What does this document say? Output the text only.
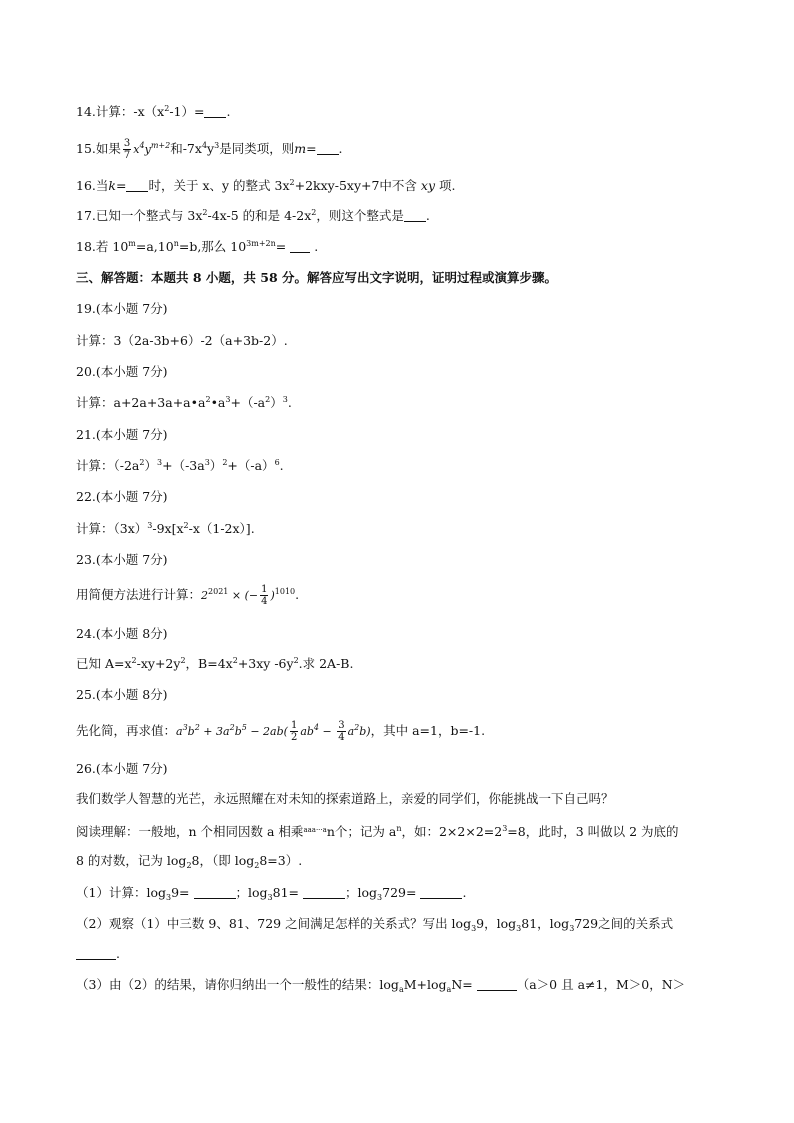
14.计算：$-x(x^2-1)=$ .
15.如果 $\frac{3}{7} x^4y^{m+2}$和$-7x^4y^3$是同类项，则m= .
16.当k= 时，关于 x、y 的整式 $3x^2+2kxy-5xy+7$中不含 xy 项.
17.已知一个整式与 $3x^2-4x-5$ 的和是 $4-2x^2$，则这个整式是 .
18.若 $10^m=a,10^n=b$,那么 $10^{3m+2n}=$ .
三、解答题：本题共 8 小题，共 58 分。解答应写出文字说明，证明过程或演算步骤。
19.(本小题 7分)
计算：3（2a-3b+6）-2（a+3b-2）.
20.(本小题 7分)
计算：$a+2a+3a+a•a^2•a^3+(-a^2)^3$.
21.(本小题 7分)
计算：$(-2a^2)^3+(-3a^3)^2+(-a)^6$.
22.(本小题 7分)
计算：$(3x)^3-9x[x^2-x(1-2x)]$.
23.(本小题 7分)
用简便方法进行计算：$2^{2021}$ × (− $\frac{1}{4} )^{1010}$.
24.(本小题 8分)
已知 $A=x^2-xy+2y^2$，$B=4x^2+3xy$ $-6y^2$.求 2A-B.
25.(本小题 8分)
先化简，再求值：$a^3b^2 + 3a^2b^5 - 2ab( \frac{1}{2} ab^4 - \frac{3}{4} a^2b)$，其中 a=1，b=-1.
26.(本小题 7分)
我们数学人智慧的光芒，永远照耀在对未知的探索道路上，亲爱的同学们，你能挑战一下自己吗？
阅读理解：一般地，n 个相同因数 a 相乘$^{aaa\cdot\cdot\cdot a}$n个；记为 $a^n$，如：$2\times 2\times 2=2^3=8$，此时，3 叫做以 2 为底的
8 的对数，记为 $\log_28$，（即 $\log_28=3$）.
（1）计算：$\log_39=$	；$\log_381=$	；$\log_3729=$	.
（2）观察（1）中三数 9、81、729 之间满足怎样的关系式？写出 $\log_39$，$\log_381$，$\log_3729$之间的关系式
.
（3）由（2）的结果，请你归纳出一个一般性的结果：$\log_aM+\log_aN=$	（a＞0 且 a≠1，M＞0，N＞
